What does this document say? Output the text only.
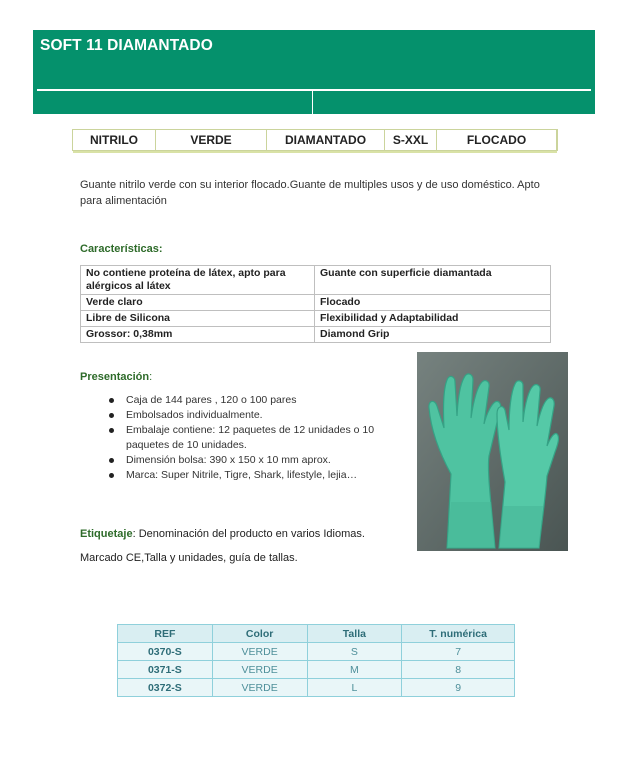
SOFT 11 DIAMANTADO
NITRILO	VERDE	DIAMANTADO	S-XXL	FLOCADO

Guante nitrilo verde con su interior flocado.Guante de multiples usos y de uso doméstico. Apto para alimentación

Características:
No contiene proteína de látex, apto para alérgicos al látex	Guante con superficie diamantada
Verde claro	Flocado
Libre de Silicona	Flexibilidad y Adaptabilidad
Grossor: 0,38mm	Diamond Grip
Presentación:
Caja de 144 pares , 120 o 100 pares
Embolsados individualmente.
Embalaje contiene: 12 paquetes de 12 unidades o 10 paquetes de 10 unidades.
Dimensión bolsa: 390 x 150 x 10 mm aprox.
Marca: Super Nitrile, Tigre, Shark, lifestyle, lejia…

Etiquetaje: Denominación del producto en varios Idiomas.

Marcado CE,Talla y unidades, guía de tallas.

REF	Color	Talla	T. numérica
0370-S	VERDE	S	7
0371-S	VERDE	M	8
0372-S	VERDE	L	9
